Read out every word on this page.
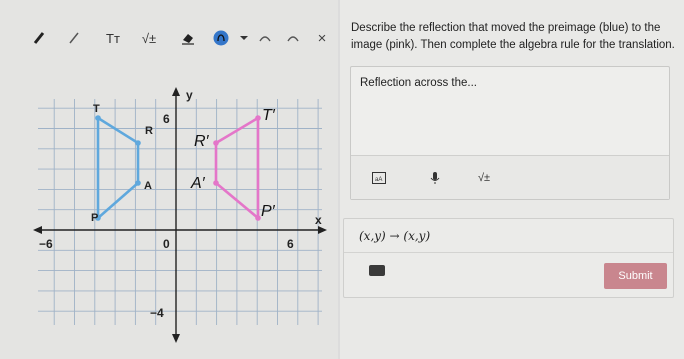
Tт √±	×
y
x
−6	0	6
6
−4
T
R
A
P
T′
R′
A′
P′
Describe the reflection that moved the preimage (blue) to the image (pink). Then complete the algebra rule for the translation.
Reflection across the...
aA	√±
(x,y) → (x,y)
Submit
